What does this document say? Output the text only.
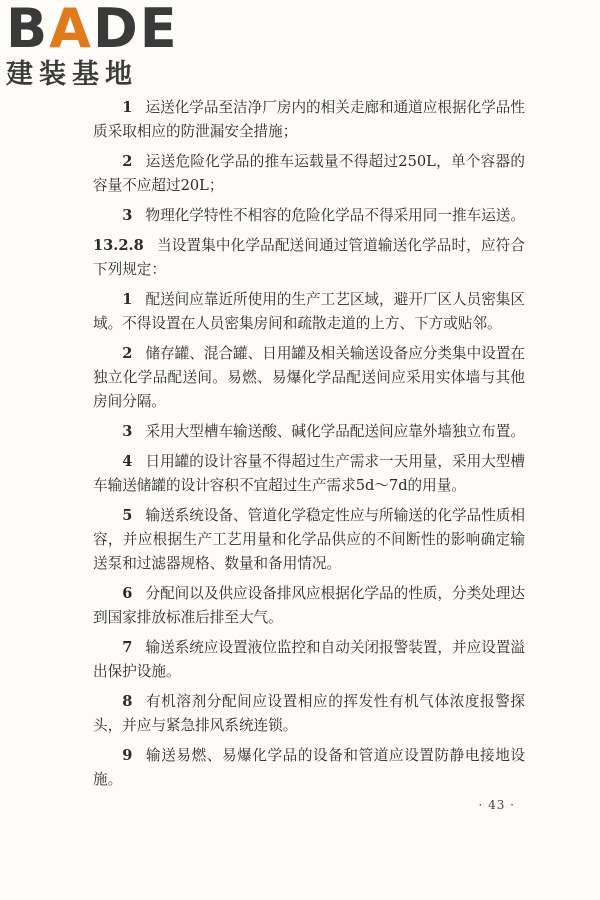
BADE
建装基地

1 运送化学品至洁净厂房内的相关走廊和通道应根据化学品性质采取相应的防泄漏安全措施；

2 运送危险化学品的推车运载量不得超过250L，单个容器的容量不应超过20L；

3 物理化学特性不相容的危险化学品不得采用同一推车运送。

13.2.8 当设置集中化学品配送间通过管道输送化学品时，应符合下列规定：

1 配送间应靠近所使用的生产工艺区域，避开厂区人员密集区域。不得设置在人员密集房间和疏散走道的上方、下方或贴邻。

2 储存罐、混合罐、日用罐及相关输送设备应分类集中设置在独立化学品配送间。易燃、易爆化学品配送间应采用实体墙与其他房间分隔。

3 采用大型槽车输送酸、碱化学品配送间应靠外墙独立布置。

4 日用罐的设计容量不得超过生产需求一天用量，采用大型槽车输送储罐的设计容积不宜超过生产需求5d～7d的用量。

5 输送系统设备、管道化学稳定性应与所输送的化学品性质相容，并应根据生产工艺用量和化学品供应的不间断性的影响确定输送泵和过滤器规格、数量和备用情况。

6 分配间以及供应设备排风应根据化学品的性质，分类处理达到国家排放标准后排至大气。

7 输送系统应设置液位监控和自动关闭报警装置，并应设置溢出保护设施。

8 有机溶剂分配间应设置相应的挥发性有机气体浓度报警探头，并应与紧急排风系统连锁。

9 输送易燃、易爆化学品的设备和管道应设置防静电接地设施。

· 43 ·
